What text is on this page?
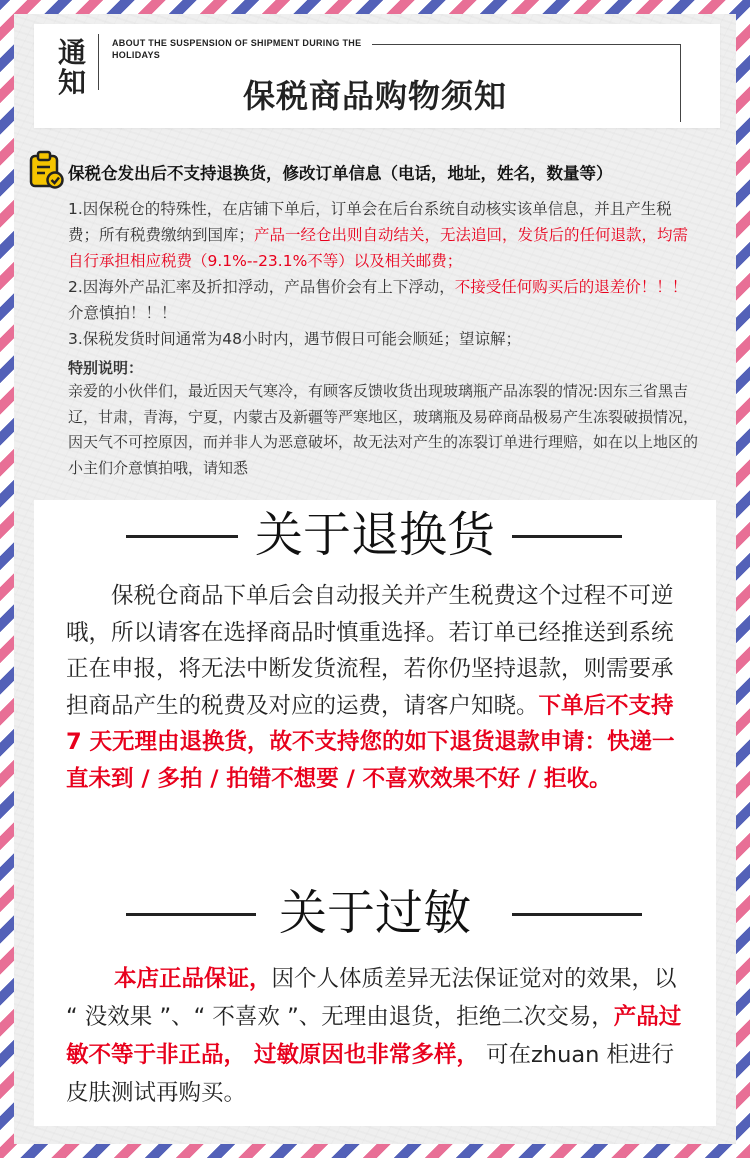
通
知
ABOUT THE SUSPENSION OF SHIPMENT DURING THE HOLIDAYS
保税商品购物须知
保税仓发出后不支持退换货，修改订单信息（电话，地址，姓名，数量等）

1.因保税仓的特殊性，在店铺下单后，订单会在后台系统自动核实该单信息，并且产生税费；所有税费缴纳到国库；产品一经仓出则自动结关，无法追回，发货后的任何退款，均需自行承担相应税费（9.1%--23.1%不等）以及相关邮费；

2.因海外产品汇率及折扣浮动，产品售价会有上下浮动，不接受任何购买后的退差价！！！介意慎拍！！！

3.保税发货时间通常为48小时内，遇节假日可能会顺延；望谅解；

特别说明：
亲爱的小伙伴们，最近因天气寒冷，有顾客反馈收货出现玻璃瓶产品冻裂的情况:因东三省黑吉辽，甘肃，青海，宁夏，内蒙古及新疆等严寒地区，玻璃瓶及易碎商品极易产生冻裂破损情况，因天气不可控原因，而并非人为恶意破坏，故无法对产生的冻裂订单进行理赔，如在以上地区的小主们介意慎拍哦，请知悉
关于退换货
保税仓商品下单后会自动报关并产生税费这个过程不可逆哦，所以请客在选择商品时慎重选择。若订单已经推送到系统正在申报，将无法中断发货流程，若你仍坚持退款，则需要承担商品产生的税费及对应的运费，请客户知晓。下单后不支持 7 天无理由退换货，故不支持您的如下退货退款申请：快递一直未到 / 多拍 / 拍错不想要 / 不喜欢效果不好 / 拒收。
关于过敏
本店正品保证，因个人体质差异无法保证觉对的效果，以 “ 没效果 ”、“ 不喜欢 ”、无理由退货，拒绝二次交易，产品过敏不等于非正品， 过敏原因也非常多样， 可在zhuan 柜进行皮肤测试再购买。
